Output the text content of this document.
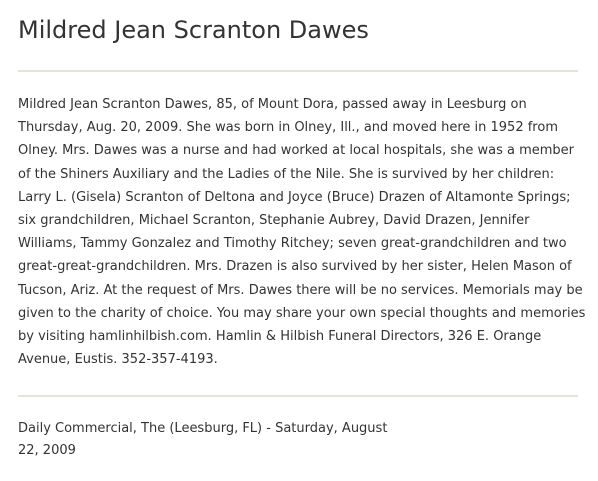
Mildred Jean Scranton Dawes

Mildred Jean Scranton Dawes, 85, of Mount Dora, passed away in Leesburg on
Thursday, Aug. 20, 2009. She was born in Olney, Ill., and moved here in 1952 from
Olney. Mrs. Dawes was a nurse and had worked at local hospitals, she was a member
of the Shiners Auxiliary and the Ladies of the Nile. She is survived by her children:
Larry L. (Gisela) Scranton of Deltona and Joyce (Bruce) Drazen of Altamonte Springs;
six grandchildren, Michael Scranton, Stephanie Aubrey, David Drazen, Jennifer
Williams, Tammy Gonzalez and Timothy Ritchey; seven great-grandchildren and two
great-great-grandchildren. Mrs. Drazen is also survived by her sister, Helen Mason of
Tucson, Ariz. At the request of Mrs. Dawes there will be no services. Memorials may be
given to the charity of choice. You may share your own special thoughts and memories
by visiting hamlinhilbish.com. Hamlin & Hilbish Funeral Directors, 326 E. Orange
Avenue, Eustis. 352-357-4193.

Daily Commercial, The (Leesburg, FL) - Saturday, August
22, 2009
